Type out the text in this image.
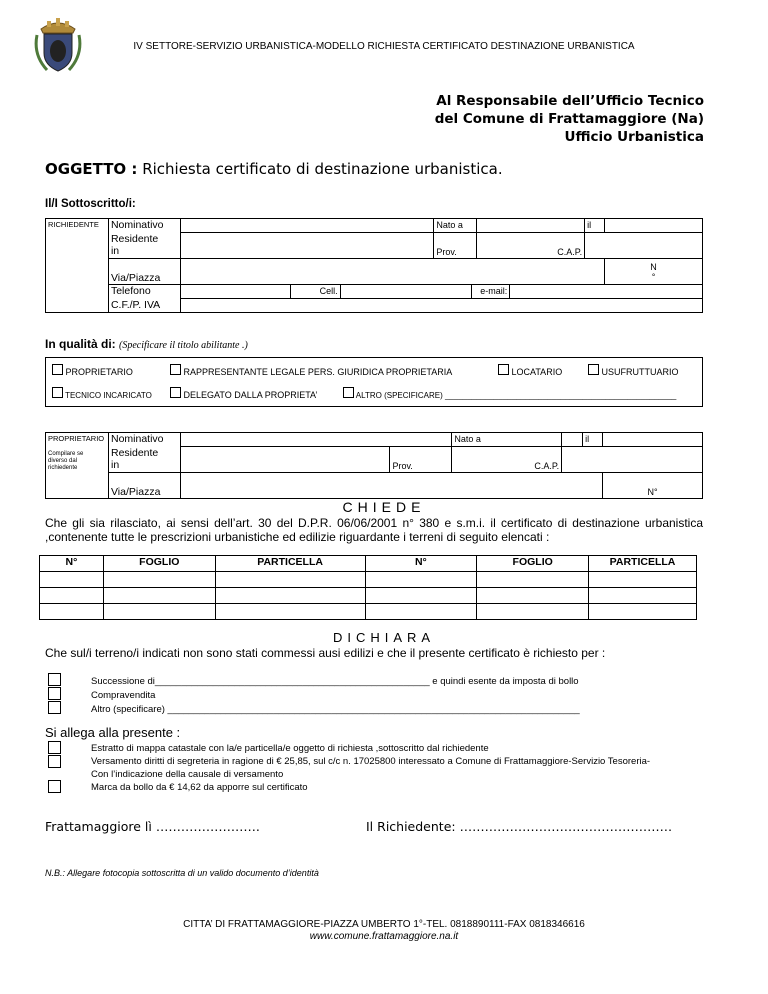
IV SETTORE-SERVIZIO URBANISTICA-MODELLO RICHIESTA CERTIFICATO DESTINAZIONE URBANISTICA
Al Responsabile dell’Ufficio Tecnico
del Comune di Frattamaggiore (Na)
Ufficio Urbanistica
OGGETTO : Richiesta certificato di destinazione urbanistica.
Il/I Sottoscritto/i:
RICHIEDENTE	Nominativo				Nato a				il	
	Residente
in				Prov.		C.A.P.			
	Via/Piazza									N
°
	Telefono		Cell.			e-mail:				
	C.F./P. IVA									
In qualità di: (Specificare il titolo abilitante .)
PROPRIETARIO	RAPPRESENTANTE LEGALE PERS. GIURIDICA PROPRIETARIA	LOCATARIO	USUFRUTTUARIO
TECNICO INCARICATO	DELEGATO DALLA PROPRIETA’	ALTRO (SPECIFICARE) ____________________________________________________
PROPRIETARIO
Compilare se diverso dal richiedente	Nominativo			Nato a		il	
	Residente
in		Prov.	C.A.P.			
	Via/Piazza						N°
CHIEDE
Che gli sia rilasciato, ai sensi dell’art. 30 del D.P.R. 06/06/2001 n° 380 e s.m.i. il certificato di destinazione urbanistica ,contenente tutte le prescrizioni urbanistiche ed edilizie riguardante i terreni di seguito elencati :
N°	FOGLIO	PARTICELLA	N°	FOGLIO	PARTICELLA

DICHIARA
Che sul/i terreno/i indicati non sono stati commessi ausi edilizi e che il presente certificato è richiesto per :
Successione di____________________________________________________ e quindi esente da imposta di bollo
Compravendita
Altro (specificare) ______________________________________________________________________________
Si allega alla presente :
Estratto di mappa catastale con la/e particella/e oggetto di richiesta ,sottoscritto dal richiedente
Versamento diritti di segreteria in ragione di € 25,85, sul c/c n. 17025800 interessato a Comune di Frattamaggiore-Servizio Tesoreria-
Con l’indicazione della causale di versamento
Marca da bollo da € 14,62 da apporre sul certificato
Frattamaggiore lì …………………….	Il Richiedente: ……………………………………………
N.B.: Allegare fotocopia sottoscritta di un valido documento d’identità
CITTA’ DI FRATTAMAGGIORE-PIAZZA UMBERTO 1°-TEL. 0818890111-FAX 0818346616
www.comune.frattamaggiore.na.it
